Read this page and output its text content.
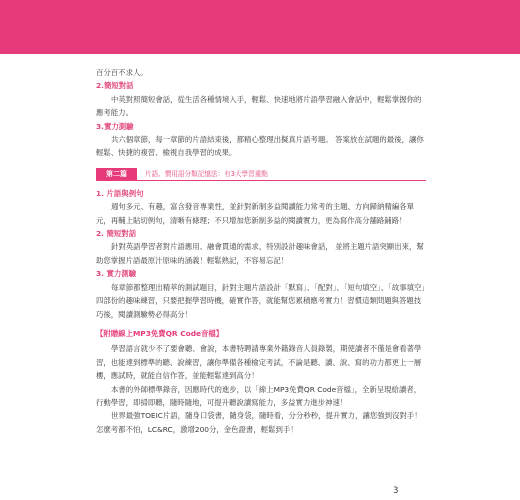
百分百不求人。

2.簡短對話

中英對照簡短會話，從生活各種情境入手，輕鬆、快速地將片語學習融入會話中，輕鬆掌握你的應考能力。

3.實力測驗

共六個章節，每一章節的片語結束後，都精心整理出擬真片語考題。 答案放在試題的最後，讓你輕鬆、快捷的複習、檢視自我學習的成果。

第二篇	片語、慣用語分類記憶法：有3大學習重點

1. 片語與例句

週句多元、有趣，富含發音專業性，並針對新制多益閱讀能力常考的主題、方向歸納精編各單元，再輔上貼切例句，清晰有條理；不只增加您新制多益的閱讀實力，更為寫作高分舖路鋪路！

2. 簡短對話

針對英語學習者對片語應用、融會貫通的需求，特別設計趣味會話， 並將主題片語突顯出來，幫助您掌握片語最原汁原味的涵義！輕鬆熟記，不容易忘記！

3. 實力測驗

每章節都整理出精萃的測試題目，針對主題片語設計「默寫」、「配對」、「短句填空」、「故事填空」四部份的趣味練習，只要把握學習時機，確實作答，就能幫您累積應考實力！習慣這類問題與答題技巧後，閱讀測驗勢必得高分！

【附贈線上MP3免費QR Code音檔】

學習語言就少不了要會聽、會說，本書特聘請專業外籍錄音人員錄製，期使讀者不僅是會看著學習，也能達到標準的聽、說練習，讓你準備各種檢定考試，不論是聽、讀、說、寫的功力都更上一層樓，應試時，就能自信作答，並能輕鬆達到高分！

本書的外師標準錄音，因應時代的進步，以「線上MP3免費QR Code音檔」，全新呈現給讀者，行動學習，即掃即聽，隨時隨地，可提升聽說讀寫能力，多益實力進步神速！

世界最強TOEIC片語，隨身口袋書，隨身袋，隨時看，分分秒秒，提升實力，讓您強到沒對手！怎麼考都不怕，LC&RC，激增200分，金色證書，輕鬆到手！

3
